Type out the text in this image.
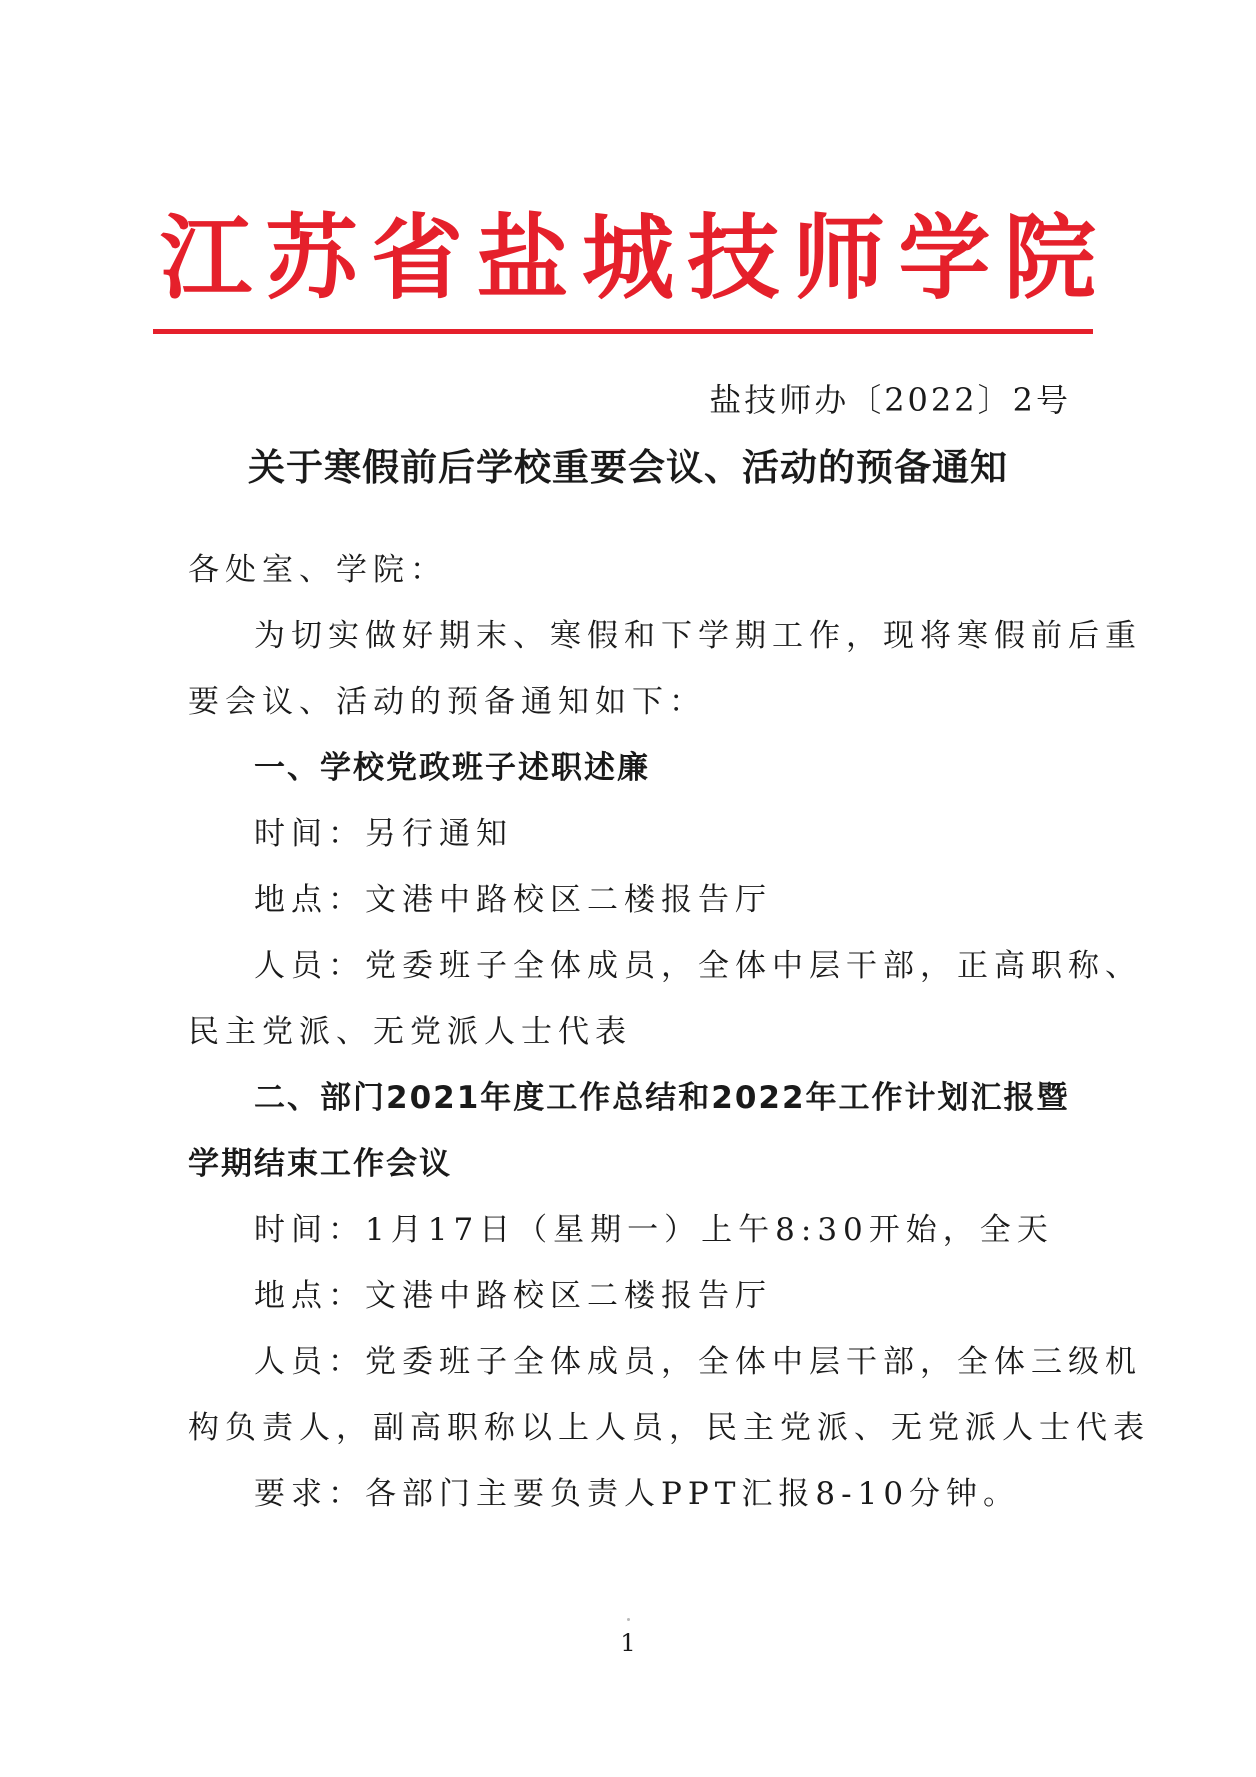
江 苏 省 盐 城 技 师 学 院
盐技师办〔2022〕2号
关于寒假前后学校重要会议、活动的预备通知
各处室、学院：
为切实做好期末、寒假和下学期工作，现将寒假前后重
要会议、活动的预备通知如下：
一、学校党政班子述职述廉
时间：另行通知
地点：文港中路校区二楼报告厅
人员：党委班子全体成员，全体中层干部，正高职称、
民主党派、无党派人士代表
二、部门2021年度工作总结和2022年工作计划汇报暨
学期结束工作会议
时间：1月17日（星期一）上午8:30开始，全天
地点：文港中路校区二楼报告厅
人员：党委班子全体成员，全体中层干部，全体三级机
构负责人，副高职称以上人员，民主党派、无党派人士代表
要求：各部门主要负责人PPT汇报8-10分钟。
1
